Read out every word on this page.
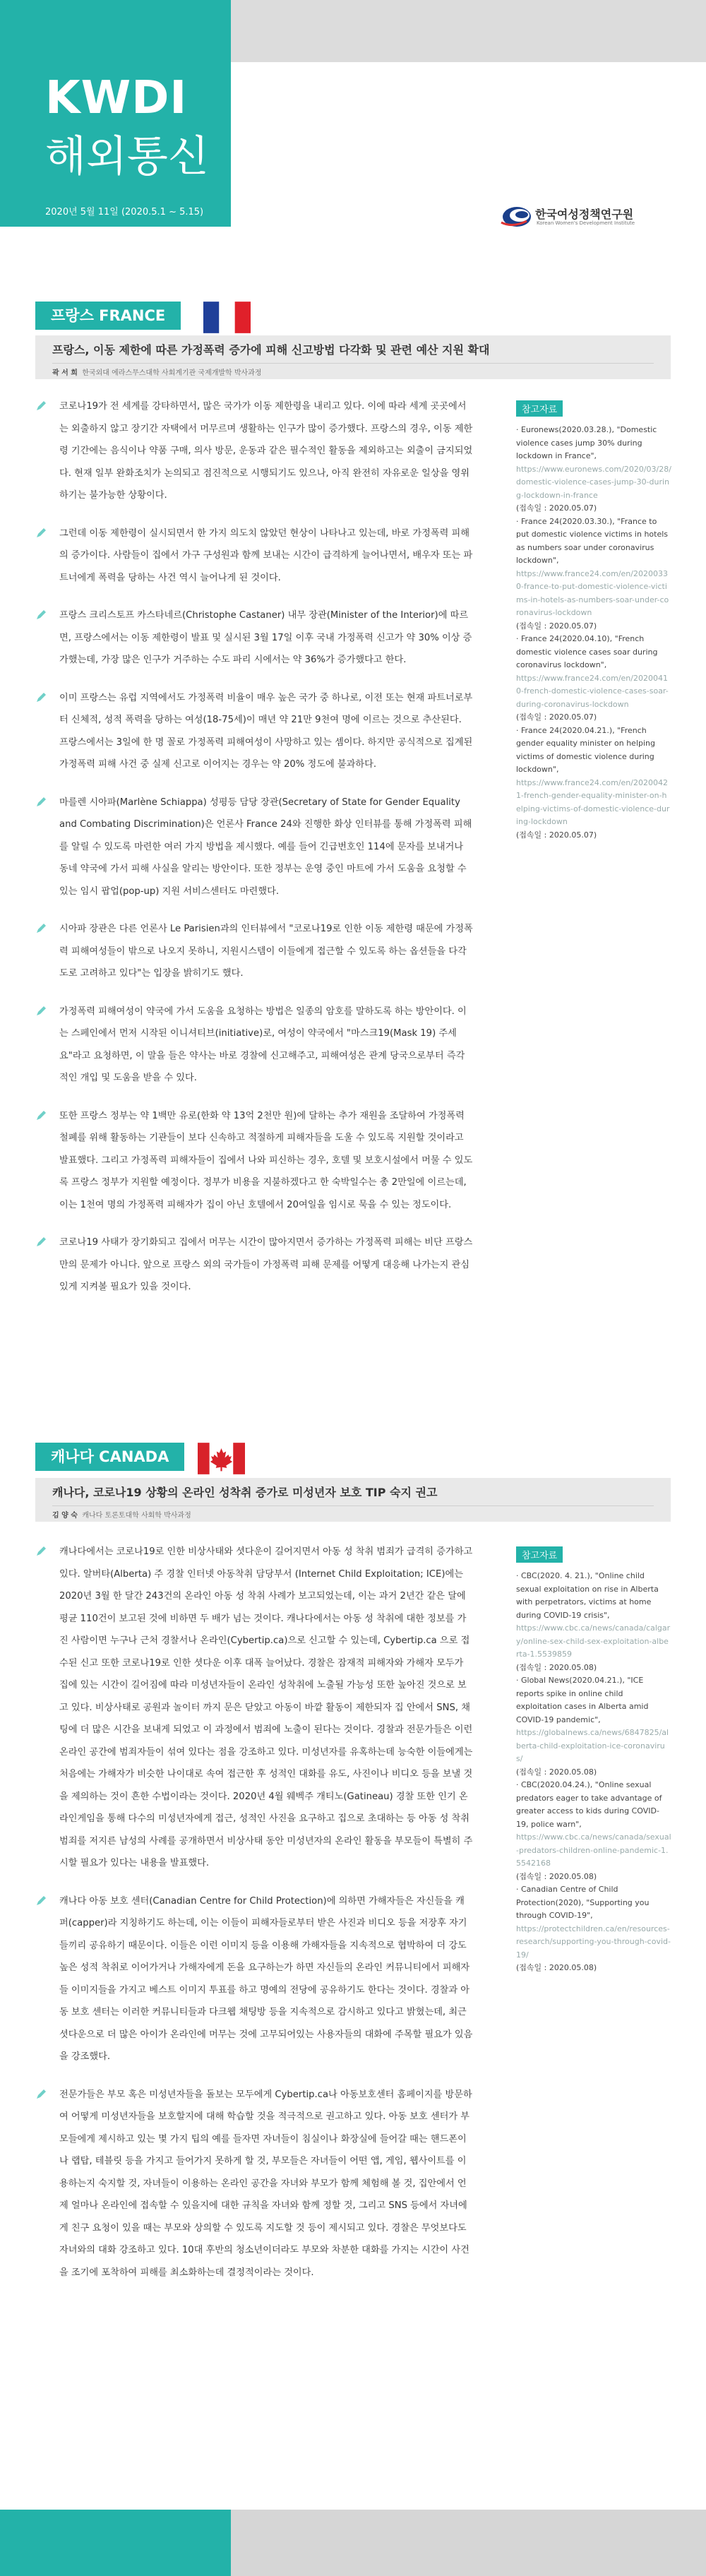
KWDI
해외통신
2020년 5월 11일 (2020.5.1 ~ 5.15)	한국여성정책연구원
Korean Women's Development Institute
프랑스 FRANCE
프랑스, 이동 제한에 따른 가정폭력 증가에 피해 신고방법 다각화 및 관련 예산 지원 확대
곽 서 희 한국외대 에라스무스대학 사회계기관 국제개발학 박사과정
코로나19가 전 세계를 강타하면서, 많은 국가가 이동 제한령을 내리고 있다. 이에 따라 세계 곳곳에서는 외출하지 않고 장기간 자택에서 머무르며 생활하는 인구가 많이 증가했다. 프랑스의 경우, 이동 제한령 기간에는 음식이나 약품 구매, 의사 방문, 운동과 같은 필수적인 활동을 제외하고는 외출이 금지되었다. 현재 일부 완화조치가 논의되고 점진적으로 시행되기도 있으나, 아직 완전히 자유로운 일상을 영위하기는 불가능한 상황이다.
그런데 이동 제한령이 실시되면서 한 가지 의도치 않았던 현상이 나타나고 있는데, 바로 가정폭력 피해의 증가이다. 사람들이 집에서 가구 구성원과 함께 보내는 시간이 급격하게 늘어나면서, 배우자 또는 파트너에게 폭력을 당하는 사건 역시 늘어나게 된 것이다.
프랑스 크리스토프 카스타네르(Christophe Castaner) 내무 장관(Minister of the Interior)에 따르면, 프랑스에서는 이동 제한령이 발표 및 실시된 3월 17일 이후 국내 가정폭력 신고가 약 30% 이상 증가했는데, 가장 많은 인구가 거주하는 수도 파리 시에서는 약 36%가 증가했다고 한다.
이미 프랑스는 유럽 지역에서도 가정폭력 비율이 매우 높은 국가 중 하나로, 이전 또는 현재 파트너로부터 신체적, 성적 폭력을 당하는 여성(18-75세)이 매년 약 21만 9천여 명에 이르는 것으로 추산된다. 프랑스에서는 3일에 한 명 꼴로 가정폭력 피해여성이 사망하고 있는 셈이다. 하지만 공식적으로 집계된 가정폭력 피해 사건 중 실제 신고로 이어지는 경우는 약 20% 정도에 불과하다.
마를렌 시아파(Marlène Schiappa) 성평등 담당 장관(Secretary of State for Gender Equality and Combating Discrimination)은 언론사 France 24와 진행한 화상 인터뷰를 통해 가정폭력 피해를 알릴 수 있도록 마련한 여러 가지 방법을 제시했다. 예를 들어 긴급번호인 114에 문자를 보내거나 동네 약국에 가서 피해 사실을 알리는 방안이다. 또한 정부는 운영 중인 마트에 가서 도움을 요청할 수 있는 임시 팝업(pop-up) 지원 서비스센터도 마련했다.
시아파 장관은 다른 언론사 Le Parisien과의 인터뷰에서 "코로나19로 인한 이동 제한령 때문에 가정폭력 피해여성들이 밖으로 나오지 못하니, 지원시스템이 이들에게 접근할 수 있도록 하는 옵션들을 다각도로 고려하고 있다"는 입장을 밝히기도 했다.
가정폭력 피해여성이 약국에 가서 도움을 요청하는 방법은 일종의 암호를 말하도록 하는 방안이다. 이는 스페인에서 먼저 시작된 이니셔티브(initiative)로, 여성이 약국에서 "마스크19(Mask 19) 주세요"라고 요청하면, 이 말을 들은 약사는 바로 경찰에 신고해주고, 피해여성은 관계 당국으로부터 즉각적인 개입 및 도움을 받을 수 있다.
또한 프랑스 정부는 약 1백만 유로(한화 약 13억 2천만 원)에 달하는 추가 재원을 조달하여 가정폭력 철폐를 위해 활동하는 기관들이 보다 신속하고 적절하게 피해자들을 도울 수 있도록 지원할 것이라고 발표했다. 그리고 가정폭력 피해자들이 집에서 나와 피신하는 경우, 호텔 및 보호시설에서 머물 수 있도록 프랑스 정부가 지원할 예정이다. 정부가 비용을 지불하겠다고 한 숙박일수는 총 2만일에 이르는데, 이는 1천여 명의 가정폭력 피해자가 집이 아닌 호텔에서 20여일을 임시로 묵을 수 있는 정도이다.
코로나19 사태가 장기화되고 집에서 머무는 시간이 많아지면서 증가하는 가정폭력 피해는 비단 프랑스만의 문제가 아니다. 앞으로 프랑스 외의 국가들이 가정폭력 피해 문제를 어떻게 대응해 나가는지 관심 있게 지켜볼 필요가 있을 것이다.
참고자료
· Euronews(2020.03.28.), "Domestic violence cases jump 30% during lockdown in France",
https://www.euronews.com/2020/03/28/domestic-violence-cases-jump-30-during-lockdown-in-france
(접속일 : 2020.05.07)
· France 24(2020.03.30.), "France to put domestic violence victims in hotels as numbers soar under coronavirus lockdown",
https://www.france24.com/en/20200330-france-to-put-domestic-violence-victims-in-hotels-as-numbers-soar-under-coronavirus-lockdown
(접속일 : 2020.05.07)
· France 24(2020.04.10), "French domestic violence cases soar during coronavirus lockdown",
https://www.france24.com/en/20200410-french-domestic-violence-cases-soar-during-coronavirus-lockdown
(접속일 : 2020.05.07)
· France 24(2020.04.21.), "French gender equality minister on helping victims of domestic violence during lockdown",
https://www.france24.com/en/20200421-french-gender-equality-minister-on-helping-victims-of-domestic-violence-during-lockdown
(접속일 : 2020.05.07)
캐나다 CANADA
캐나다, 코로나19 상황의 온라인 성착취 증가로 미성년자 보호 TIP 숙지 권고
김 양 숙 캐나다 토론토대학 사회학 박사과정
캐나다에서는 코로나19로 인한 비상사태와 셧다운이 길어지면서 아동 성 착취 범죄가 급격히 증가하고 있다. 알버타(Alberta) 주 경찰 인터넷 아동착취 담당부서 (Internet Child Exploitation; ICE)에는 2020년 3월 한 달간 243건의 온라인 아동 성 착취 사례가 보고되었는데, 이는 과거 2년간 같은 달에 평균 110건이 보고된 것에 비하면 두 배가 넘는 것이다. 캐나다에서는 아동 성 착취에 대한 정보를 가진 사람이면 누구나 근처 경찰서나 온라인(Cybertip.ca)으로 신고할 수 있는데, Cybertip.ca 으로 접수된 신고 또한 코로나19로 인한 셧다운 이후 대폭 늘어났다. 경찰은 잠재적 피해자와 가해자 모두가 집에 있는 시간이 길어짐에 따라 미성년자들이 온라인 성착취에 노출될 가능성 또한 높아진 것으로 보고 있다. 비상사태로 공원과 놀이터 까지 문은 닫았고 아동이 바깥 활동이 제한되자 집 안에서 SNS, 채팅에 더 많은 시간을 보내게 되었고 이 과정에서 범죄에 노출이 된다는 것이다. 경찰과 전문가들은 이런 온라인 공간에 범죄자들이 섞여 있다는 점을 강조하고 있다. 미성년자를 유혹하는데 능숙한 이들에게는 처음에는 가해자가 비슷한 나이대로 속여 접근한 후 성적인 대화를 유도, 사진이나 비디오 등을 보낼 것을 제의하는 것이 흔한 수법이라는 것이다. 2020년 4월 웨벡주 개티노(Gatineau) 경찰 또한 인기 온라인게임을 통해 다수의 미성년자에게 접근, 성적인 사진을 요구하고 집으로 초대하는 등 아동 성 착취 범죄를 저지른 남성의 사례를 공개하면서 비상사태 동안 미성년자의 온라인 활동을 부모들이 특별히 주시할 필요가 있다는 내용을 발표했다.
캐나다 아동 보호 센터(Canadian Centre for Child Protection)에 의하면 가해자들은 자신들을 캐퍼(capper)라 지칭하기도 하는데, 이는 이들이 피해자들로부터 받은 사진과 비디오 등을 저장후 자기들끼리 공유하기 때문이다. 이들은 이런 이미지 등을 이용해 가해자들을 지속적으로 협박하여 더 강도 높은 성적 착취로 이어가거나 가해자에게 돈을 요구하는가 하면 자신들의 온라인 커뮤니티에서 피해자들 이미지들을 가지고 베스트 이미지 투표를 하고 명예의 전당에 공유하기도 한다는 것이다. 경찰과 아동 보호 센터는 이러한 커뮤니티들과 다크웹 채팅방 등을 지속적으로 감시하고 있다고 밝혔는데, 최근 셧다운으로 더 많은 아이가 온라인에 머무는 것에 고무되어있는 사용자들의 대화에 주목할 필요가 있음을 강조했다.
전문가들은 부모 혹은 미성년자들을 돌보는 모두에게 Cybertip.ca나 아동보호센터 홈페이지를 방문하여 어떻게 미성년자들을 보호할지에 대해 학습할 것을 적극적으로 권고하고 있다. 아동 보호 센터가 부모들에게 제시하고 있는 몇 가지 팁의 예를 들자면 자녀들이 침실이나 화장실에 들어갈 때는 핸드폰이나 랩탑, 테블릿 등을 가지고 들어가지 못하게 할 것, 부모들은 자녀들이 어떤 앱, 게임, 웹사이트를 이용하는지 숙지할 것, 자녀들이 이용하는 온라인 공간을 자녀와 부모가 함께 체험해 볼 것, 집안에서 언제 얼마나 온라인에 접속할 수 있을지에 대한 규칙을 자녀와 함께 정할 것, 그리고 SNS 등에서 자녀에게 친구 요청이 있을 때는 부모와 상의할 수 있도록 지도할 것 등이 제시되고 있다. 경찰은 무엇보다도 자녀와의 대화 강조하고 있다. 10대 후반의 청소년이더라도 부모와 차분한 대화를 가지는 시간이 사건을 조기에 포착하여 피해를 최소화하는데 결정적이라는 것이다.
참고자료
· CBC(2020. 4. 21.), "Online child sexual exploitation on rise in Alberta with perpetrators, victims at home during COVID-19 crisis",
https://www.cbc.ca/news/canada/calgary/online-sex-child-sex-exploitation-alberta-1.5539859
(접속일 : 2020.05.08)
· Global News(2020.04.21.), "ICE reports spike in online child exploitation cases in Alberta amid COVID-19 pandemic",
https://globalnews.ca/news/6847825/alberta-child-exploitation-ice-coronavirus/
(접속일 : 2020.05.08)
· CBC(2020.04.24.), "Online sexual predators eager to take advantage of greater access to kids during COVID-19, police warn",
https://www.cbc.ca/news/canada/sexual-predators-children-online-pandemic-1.5542168
(접속일 : 2020.05.08)
· Canadian Centre of Child Protection(2020), "Supporting you through COVID-19",
https://protectchildren.ca/en/resources-research/supporting-you-through-covid-19/
(접속일 : 2020.05.08)
